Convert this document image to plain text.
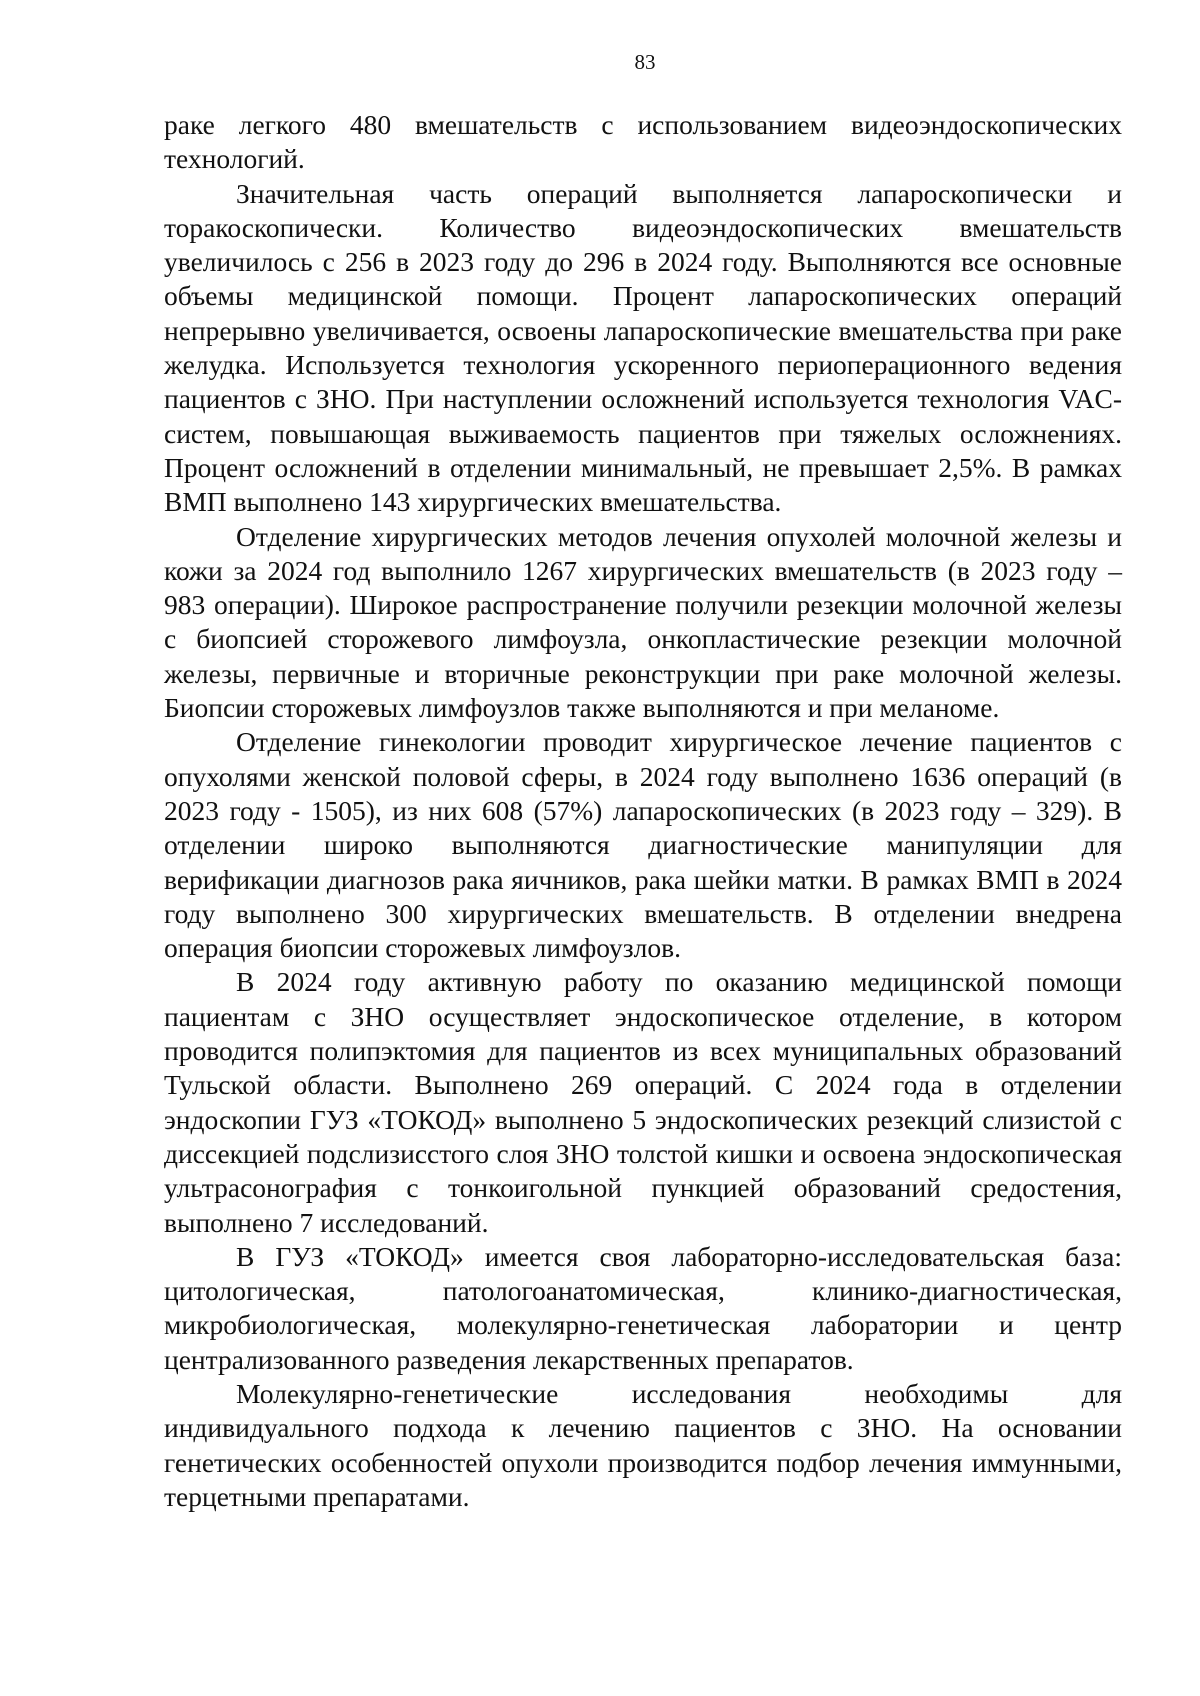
83

раке легкого 480 вмешательств с использованием видеоэндоскопических технологий.

Значительная часть операций выполняется лапароскопически и торакоскопически. Количество видеоэндоскопических вмешательств увеличилось с 256 в 2023 году до 296 в 2024 году. Выполняются все основные объемы медицинской помощи. Процент лапароскопических операций непрерывно увеличивается, освоены лапароскопические вмешательства при раке желудка. Используется технология ускоренного периоперационного ведения пациентов с ЗНО. При наступлении осложнений используется технология VAC-систем, повышающая выживаемость пациентов при тяжелых осложнениях. Процент осложнений в отделении минимальный, не превышает 2,5%. В рамках ВМП выполнено 143 хирургических вмешательства.

Отделение хирургических методов лечения опухолей молочной железы и кожи за 2024 год выполнило 1267 хирургических вмешательств (в 2023 году – 983 операции). Широкое распространение получили резекции молочной железы с биопсией сторожевого лимфоузла, онкопластические резекции молочной железы, первичные и вторичные реконструкции при раке молочной железы. Биопсии сторожевых лимфоузлов также выполняются и при меланоме.

Отделение гинекологии проводит хирургическое лечение пациентов с опухолями женской половой сферы, в 2024 году выполнено 1636 операций (в 2023 году - 1505), из них 608 (57%) лапароскопических (в 2023 году – 329). В отделении широко выполняются диагностические манипуляции для верификации диагнозов рака яичников, рака шейки матки. В рамках ВМП в 2024 году выполнено 300 хирургических вмешательств. В отделении внедрена операция биопсии сторожевых лимфоузлов.

В 2024 году активную работу по оказанию медицинской помощи пациентам с ЗНО осуществляет эндоскопическое отделение, в котором проводится полипэктомия для пациентов из всех муниципальных образований Тульской области. Выполнено 269 операций. С 2024 года в отделении эндоскопии ГУЗ «ТОКОД» выполнено 5 эндоскопических резекций слизистой с диссекцией подслизисстого слоя ЗНО толстой кишки и освоена эндоскопическая ультрасонография с тонкоигольной пункцией образований средостения, выполнено 7 исследований.

В ГУЗ «ТОКОД» имеется своя лабораторно-исследовательская база: цитологическая, патологоанатомическая, клинико-диагностическая, микробиологическая, молекулярно-генетическая лаборатории и центр централизованного разведения лекарственных препаратов.

Молекулярно-генетические исследования необходимы для индивидуального подхода к лечению пациентов с ЗНО. На основании генетических особенностей опухоли производится подбор лечения иммунными, терцетными препаратами.
